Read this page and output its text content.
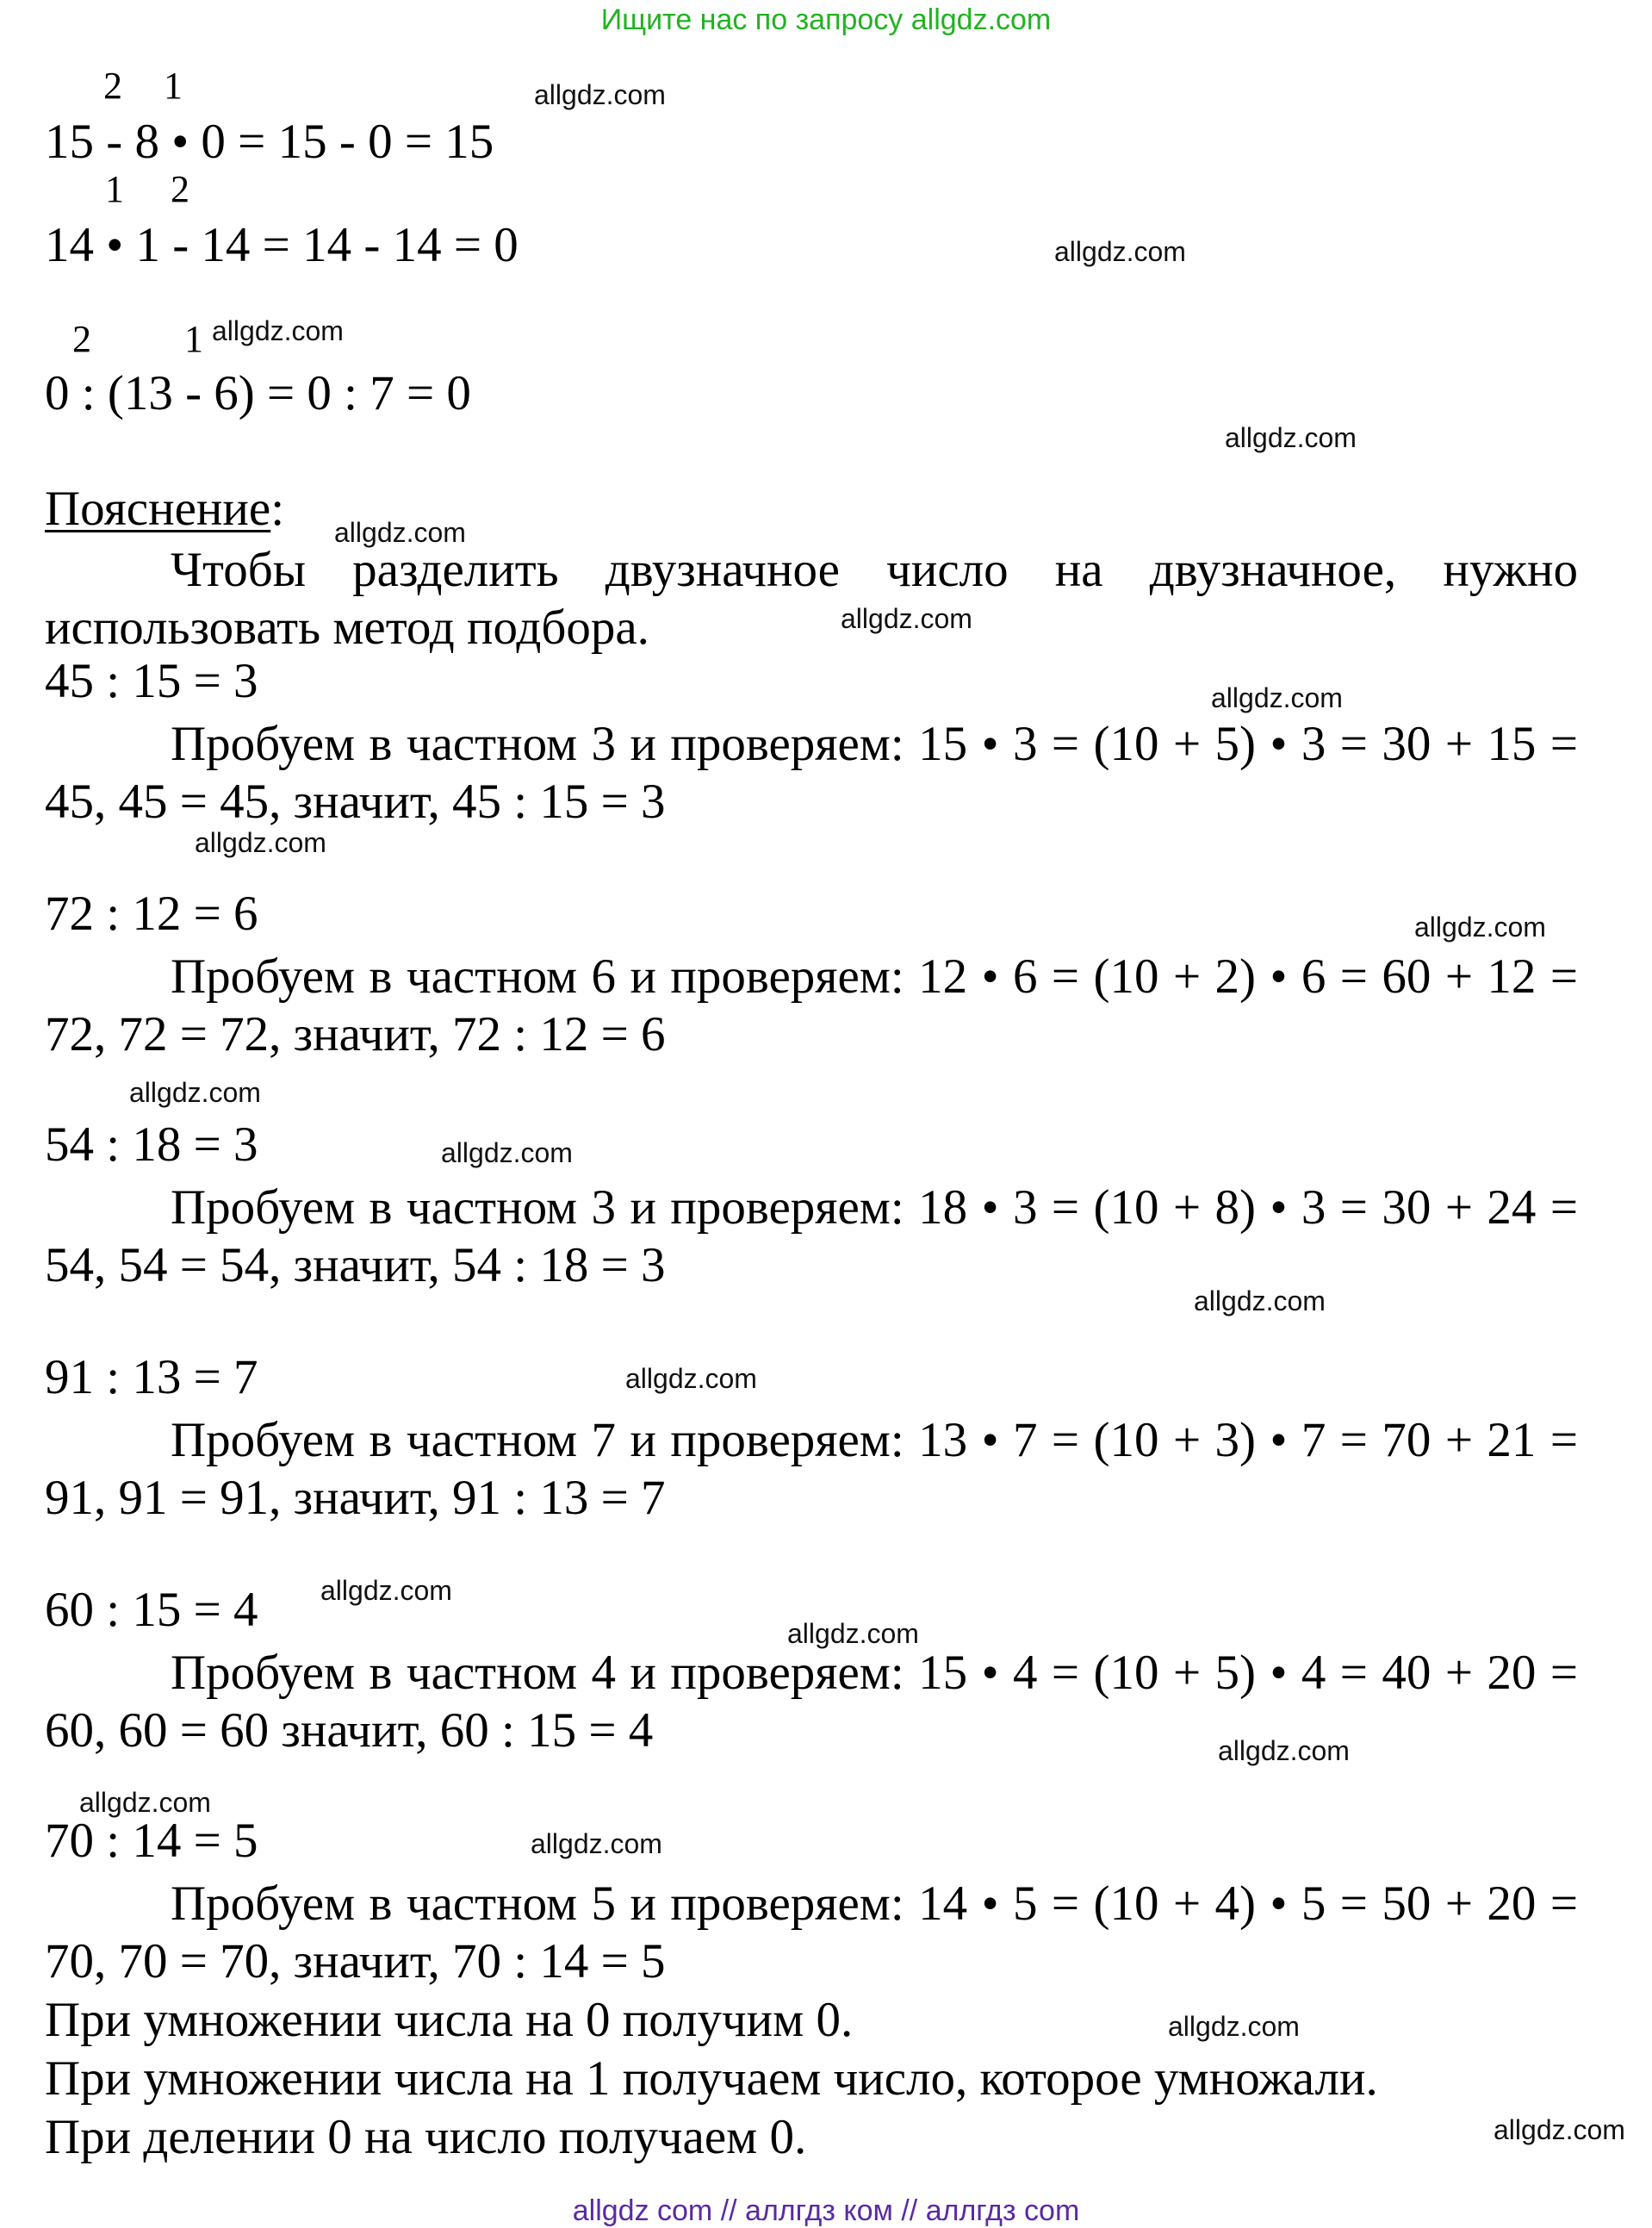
Ищите нас по запросу allgdz.com
2 1
15 - 8 • 0 = 15 - 0 = 15
1 2
14 • 1 - 14 = 14 - 14 = 0
2 1
0 : (13 - 6) = 0 : 7 = 0
Пояснение:
Чтобы разделить двузначное число на двузначное, нужно использовать метод подбора.
45 : 15 = 3
Пробуем в частном 3 и проверяем: 15 • 3 = (10 + 5) • 3 = 30 + 15 = 45, 45 = 45, значит, 45 : 15 = 3
72 : 12 = 6
Пробуем в частном 6 и проверяем: 12 • 6 = (10 + 2) • 6 = 60 + 12 = 72, 72 = 72, значит, 72 : 12 = 6
54 : 18 = 3
Пробуем в частном 3 и проверяем: 18 • 3 = (10 + 8) • 3 = 30 + 24 = 54, 54 = 54, значит, 54 : 18 = 3
91 : 13 = 7
Пробуем в частном 7 и проверяем: 13 • 7 = (10 + 3) • 7 = 70 + 21 = 91, 91 = 91, значит, 91 : 13 = 7
60 : 15 = 4
Пробуем в частном 4 и проверяем: 15 • 4 = (10 + 5) • 4 = 40 + 20 = 60, 60 = 60 значит, 60 : 15 = 4
70 : 14 = 5
Пробуем в частном 5 и проверяем: 14 • 5 = (10 + 4) • 5 = 50 + 20 = 70, 70 = 70, значит, 70 : 14 = 5
При умножении числа на 0 получим 0.
При умножении числа на 1 получаем число, которое умножали.
При делении 0 на число получаем 0.
allgdz.com
allgdz.com
allgdz.com
allgdz.com
allgdz.com
allgdz.com
allgdz.com
allgdz.com
allgdz.com
allgdz.com
allgdz.com
allgdz.com
allgdz.com
allgdz.com
allgdz.com
allgdz.com
allgdz.com
allgdz.com
allgdz.com
allgdz.com
allgdz com // аллгдз ком // аллгдз com
